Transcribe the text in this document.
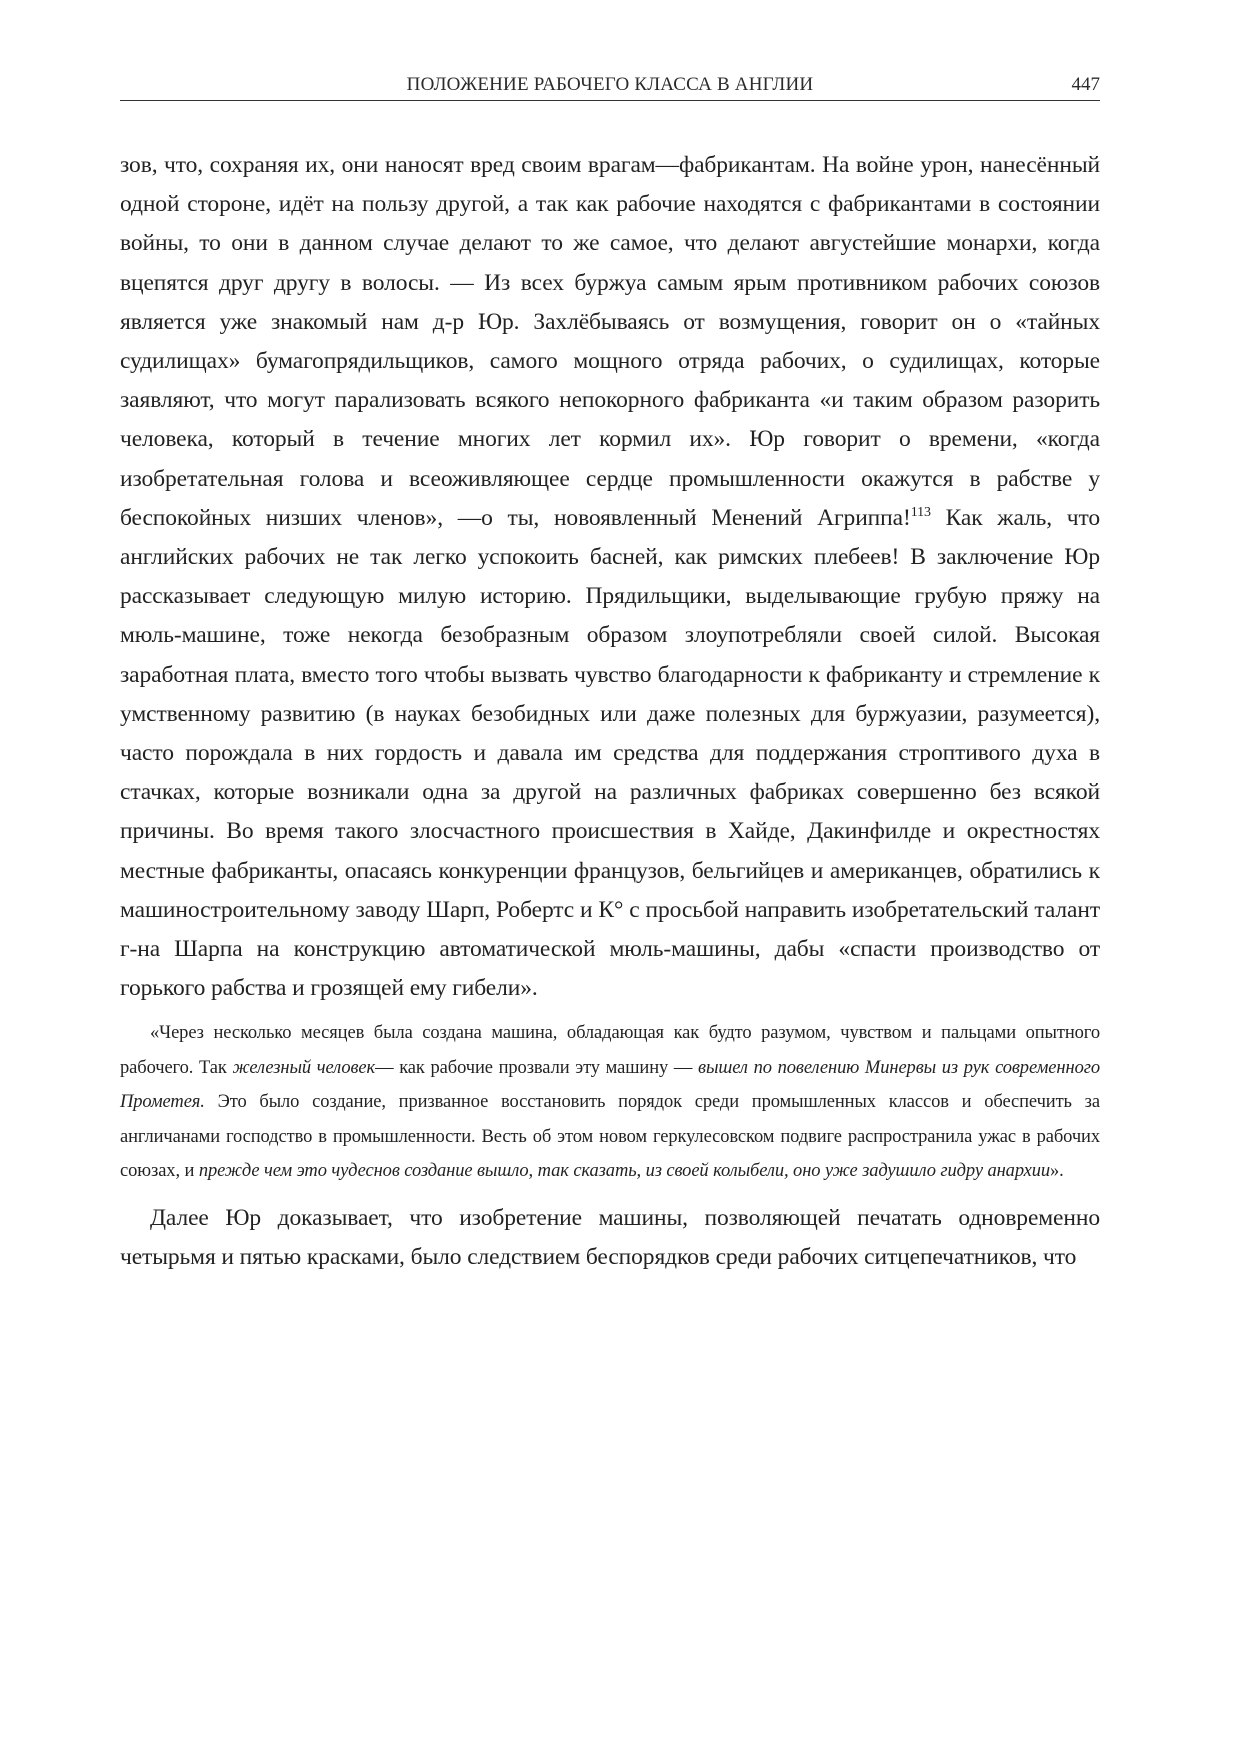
ПОЛОЖЕНИЕ РАБОЧЕГО КЛАССА В АНГЛИИ	447

зов, что, сохраняя их, они наносят вред своим врагам—фабрикантам. На войне урон, нанесённый одной стороне, идёт на пользу другой, а так как рабочие находятся с фабрикантами в состоянии войны, то они в данном случае делают то же самое, что делают августейшие монархи, когда вцепятся друг другу в волосы. — Из всех буржуа самым ярым противником рабочих союзов является уже знакомый нам д-р Юр. Захлёбываясь от возмущения, говорит он о «тайных судилищах» бумагопрядильщиков, самого мощного отряда рабочих, о судилищах, которые заявляют, что могут парализовать всякого непокорного фабриканта «и таким образом разорить человека, который в течение многих лет кормил их». Юр говорит о времени, «когда изобретательная голова и всеоживляющее сердце промышленности окажутся в рабстве у беспокойных низших членов», —о ты, новоявленный Менений Агриппа!$^{113}$ Как жаль, что английских рабочих не так легко успокоить басней, как римских плебеев! В заключение Юр рассказывает следующую милую историю. Прядильщики, выделывающие грубую пряжу на мюль-машине, тоже некогда безобразным образом злоупотребляли своей силой. Высокая заработная плата, вместо того чтобы вызвать чувство благодарности к фабриканту и стремление к умственному развитию (в науках безобидных или даже полезных для буржуазии, разумеется), часто порождала в них гордость и давала им средства для поддержания строптивого духа в стачках, которые возникали одна за другой на различных фабриках совершенно без всякой причины. Во время такого злосчастного происшествия в Хайде, Дакинфилде и окрестностях местные фабриканты, опасаясь конкуренции французов, бельгийцев и американцев, обратились к машиностроительному заводу Шарп, Робертс и К° с просьбой направить изобретательский талант г-на Шарпа на конструкцию автоматической мюль-машины, дабы «спасти производство от горького рабства и грозящей ему гибели».

«Через несколько месяцев была создана машина, обладающая как будто разумом, чувством и пальцами опытного рабочего. Так железный человек— как рабочие прозвали эту машину — вышел по повелению Минервы из рук современного Прометея. Это было создание, призванное восстановить порядок среди промышленных классов и обеспечить за англичанами господство в промышленности. Весть об этом новом геркулесовском подвиге распространила ужас в рабочих союзах, и прежде чем это чудеснов создание вышло, так сказать, из своей колыбели, оно уже задушило гидру анархии».

Далее Юр доказывает, что изобретение машины, позволяющей печатать одновременно четырьмя и пятью красками, было следствием беспорядков среди рабочих ситцепечатников, что
